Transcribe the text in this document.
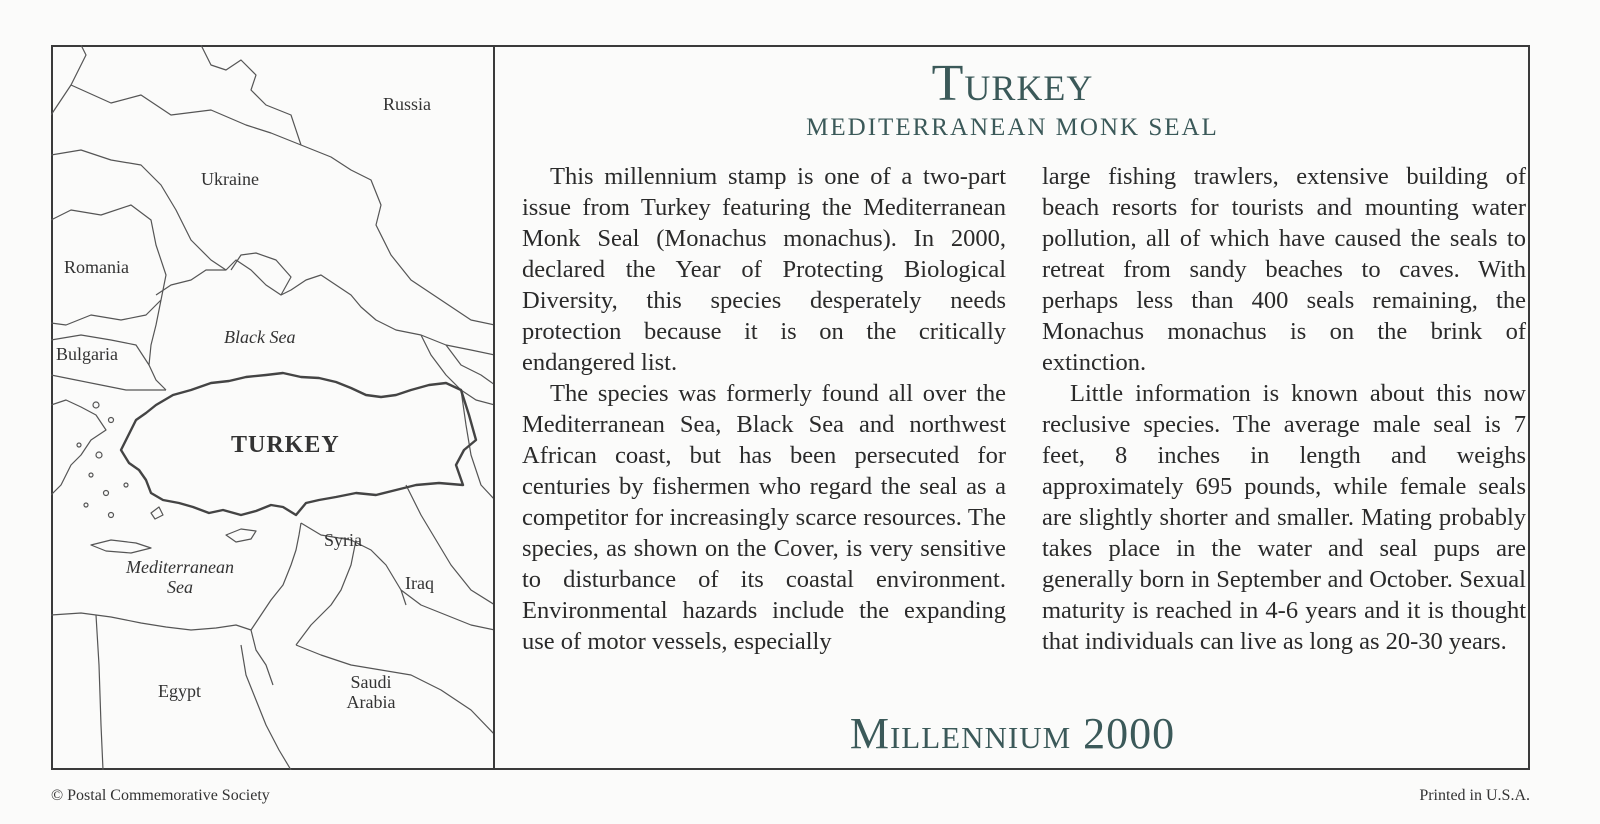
Russia
Ukraine
Romania
Black Sea
Bulgaria
TURKEY
Syria
Mediterranean
Sea	Iraq
Egypt	Saudi
Arabia
Turkey
MEDITERRANEAN MONK SEAL

This millennium stamp is one of a two-part issue from Turkey featuring the Mediterranean Monk Seal (Monachus monachus). In 2000, declared the Year of Protecting Biological Diversity, this species desperately needs protection because it is on the critically endangered list.

The species was formerly found all over the Mediterranean Sea, Black Sea and northwest African coast, but has been persecuted for centuries by fishermen who regard the seal as a competitor for increasingly scarce resources. The species, as shown on the Cover, is very sensitive to disturbance of its coastal environment. Environmental hazards include the expanding use of motor vessels, especially

large fishing trawlers, extensive building of beach resorts for tourists and mounting water pollution, all of which have caused the seals to retreat from sandy beaches to caves. With perhaps less than 400 seals remaining, the Monachus monachus is on the brink of extinction.

Little information is known about this now reclusive species. The average male seal is 7 feet, 8 inches in length and weighs approximately 695 pounds, while female seals are slightly shorter and smaller. Mating probably takes place in the water and seal pups are generally born in September and October. Sexual maturity is reached in 4-6 years and it is thought that individuals can live as long as 20-30 years.

Millennium 2000
© Postal Commemorative Society	Printed in U.S.A.
